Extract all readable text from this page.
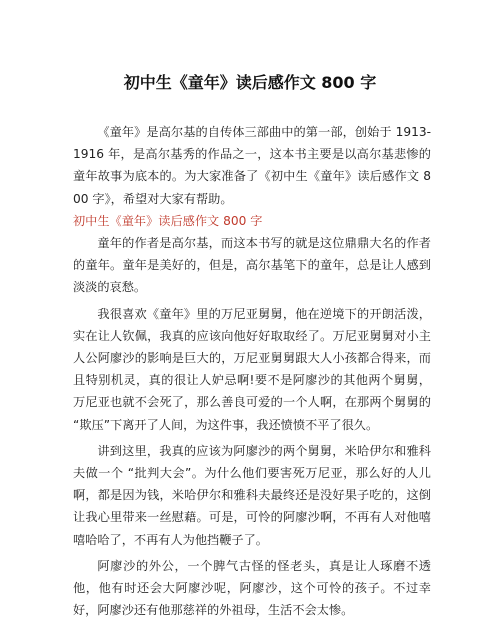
初中生《童年》读后感作文 800 字

《童年》是高尔基的自传体三部曲中的第一部，创始于 1913-1916 年，是高尔基秀的作品之一，这本书主要是以高尔基悲惨的童年故事为底本的。为大家准备了《初中生《童年》读后感作文 800 字》，希望对大家有帮助。

初中生《童年》读后感作文 800 字

童年的作者是高尔基，而这本书写的就是这位鼎鼎大名的作者的童年。童年是美好的，但是，高尔基笔下的童年，总是让人感到淡淡的哀愁。

我很喜欢《童年》里的万尼亚舅舅，他在逆境下的开朗活泼，实在让人钦佩，我真的应该向他好好取取经了。万尼亚舅舅对小主人公阿廖沙的影响是巨大的，万尼亚舅舅跟大人小孩都合得来，而且特别机灵，真的很让人妒忌啊!要不是阿廖沙的其他两个舅舅，万尼亚也就不会死了，那么善良可爱的一个人啊，在那两个舅舅的 “欺压”下离开了人间，为这件事，我还愤愤不平了很久。

讲到这里，我真的应该为阿廖沙的两个舅舅，米哈伊尔和雅科夫做一个 “批判大会”。为什么他们要害死万尼亚，那么好的人儿啊，都是因为钱，米哈伊尔和雅科夫最终还是没好果子吃的，这倒让我心里带来一丝慰藉。可是，可怜的阿廖沙啊，不再有人对他嘻嘻哈哈了，不再有人为他挡鞭子了。

阿廖沙的外公，一个脾气古怪的怪老头，真是让人琢磨不透他，他有时还会大阿廖沙呢，阿廖沙，这个可怜的孩子。不过幸好，阿廖沙还有他那慈祥的外祖母，生活不会太惨。
